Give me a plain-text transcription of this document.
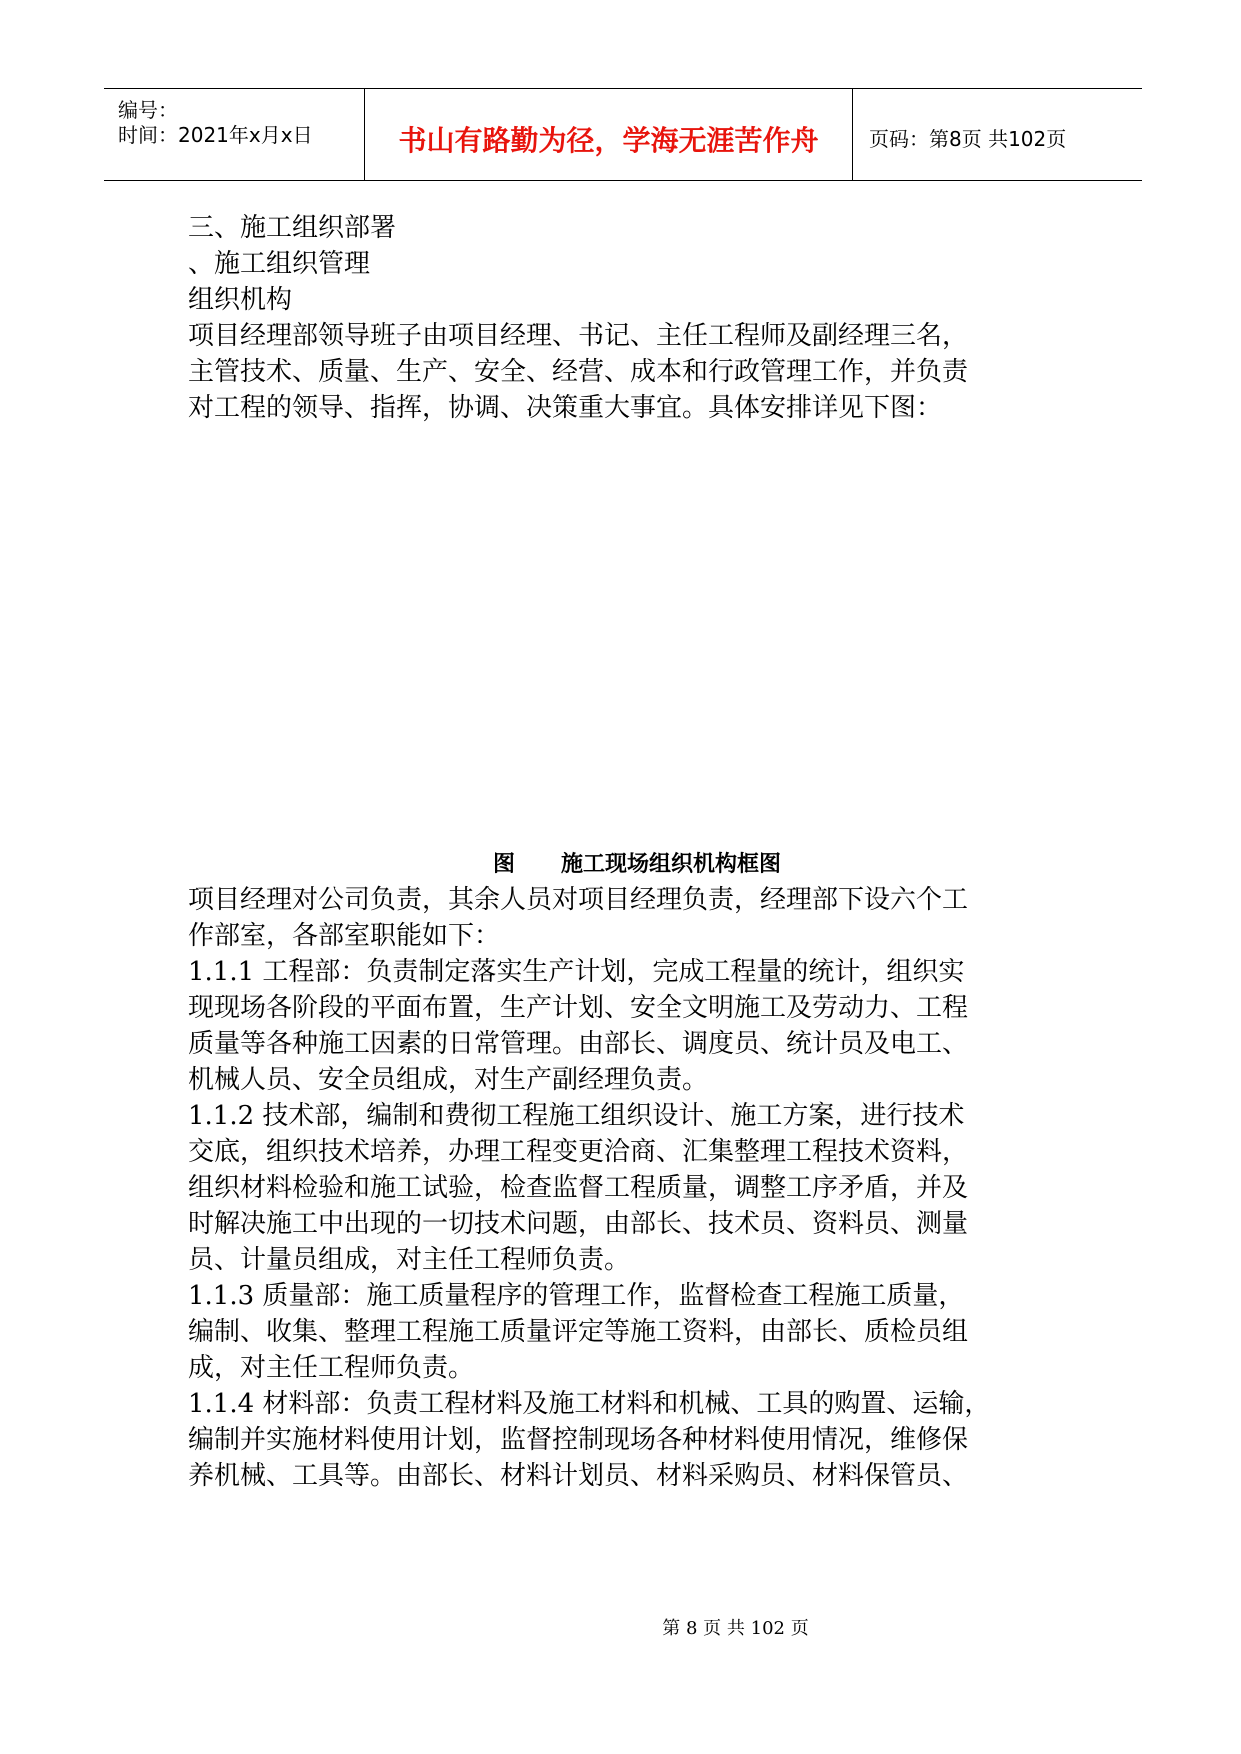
编号：
时间：2021年x月x日	书山有路勤为径，学海无涯苦作舟	页码：第8页 共102页

三、施工组织部署

、施工组织管理

组织机构

项目经理部领导班子由项目经理、书记、主任工程师及副经理三名，

主管技术、质量、生产、安全、经营、成本和行政管理工作，并负责

对工程的领导、指挥，协调、决策重大事宜。具体安排详见下图：

图      施工现场组织机构框图

项目经理对公司负责，其余人员对项目经理负责，经理部下设六个工

作部室，各部室职能如下：

1.1.1 工程部：负责制定落实生产计划，完成工程量的统计，组织实

现现场各阶段的平面布置，生产计划、安全文明施工及劳动力、工程

质量等各种施工因素的日常管理。由部长、调度员、统计员及电工、

机械人员、安全员组成，对生产副经理负责。

1.1.2 技术部，编制和费彻工程施工组织设计、施工方案，进行技术

交底，组织技术培养，办理工程变更洽商、汇集整理工程技术资料，

组织材料检验和施工试验，检查监督工程质量，调整工序矛盾，并及

时解决施工中出现的一切技术问题，由部长、技术员、资料员、测量

员、计量员组成，对主任工程师负责。

1.1.3 质量部：施工质量程序的管理工作，监督检查工程施工质量，

编制、收集、整理工程施工质量评定等施工资料，由部长、质检员组

成，对主任工程师负责。

1.1.4 材料部：负责工程材料及施工材料和机械、工具的购置、运输，

编制并实施材料使用计划，监督控制现场各种材料使用情况，维修保

养机械、工具等。由部长、材料计划员、材料采购员、材料保管员、

第 8 页 共 102 页
